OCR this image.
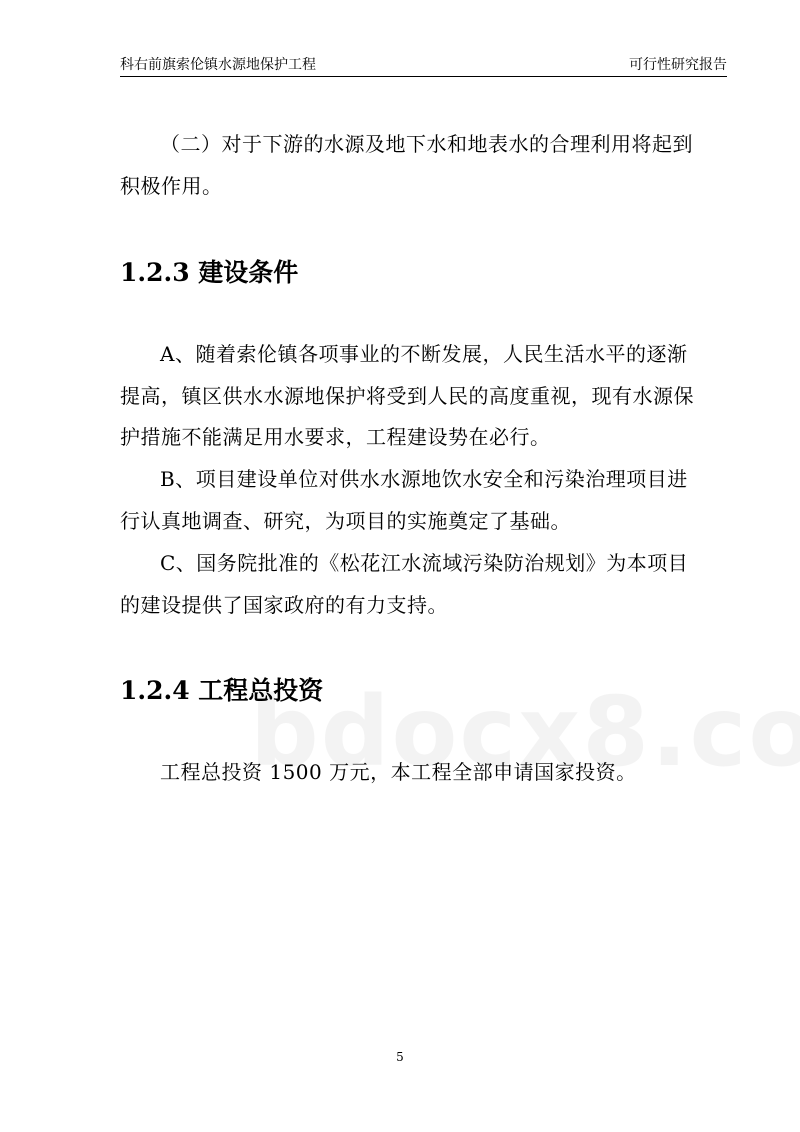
科右前旗索伦镇水源地保护工程	可行性研究报告
（二）对于下游的水源及地下水和地表水的合理利用将起到
积极作用。
1.2.3 建设条件
A、随着索伦镇各项事业的不断发展，人民生活水平的逐渐
提高，镇区供水水源地保护将受到人民的高度重视，现有水源保
护措施不能满足用水要求，工程建设势在必行。
B、项目建设单位对供水水源地饮水安全和污染治理项目进
行认真地调查、研究，为项目的实施奠定了基础。
C、国务院批准的《松花江水流域污染防治规划》为本项目
的建设提供了国家政府的有力支持。
1.2.4 工程总投资
工程总投资 1500 万元，本工程全部申请国家投资。
5
